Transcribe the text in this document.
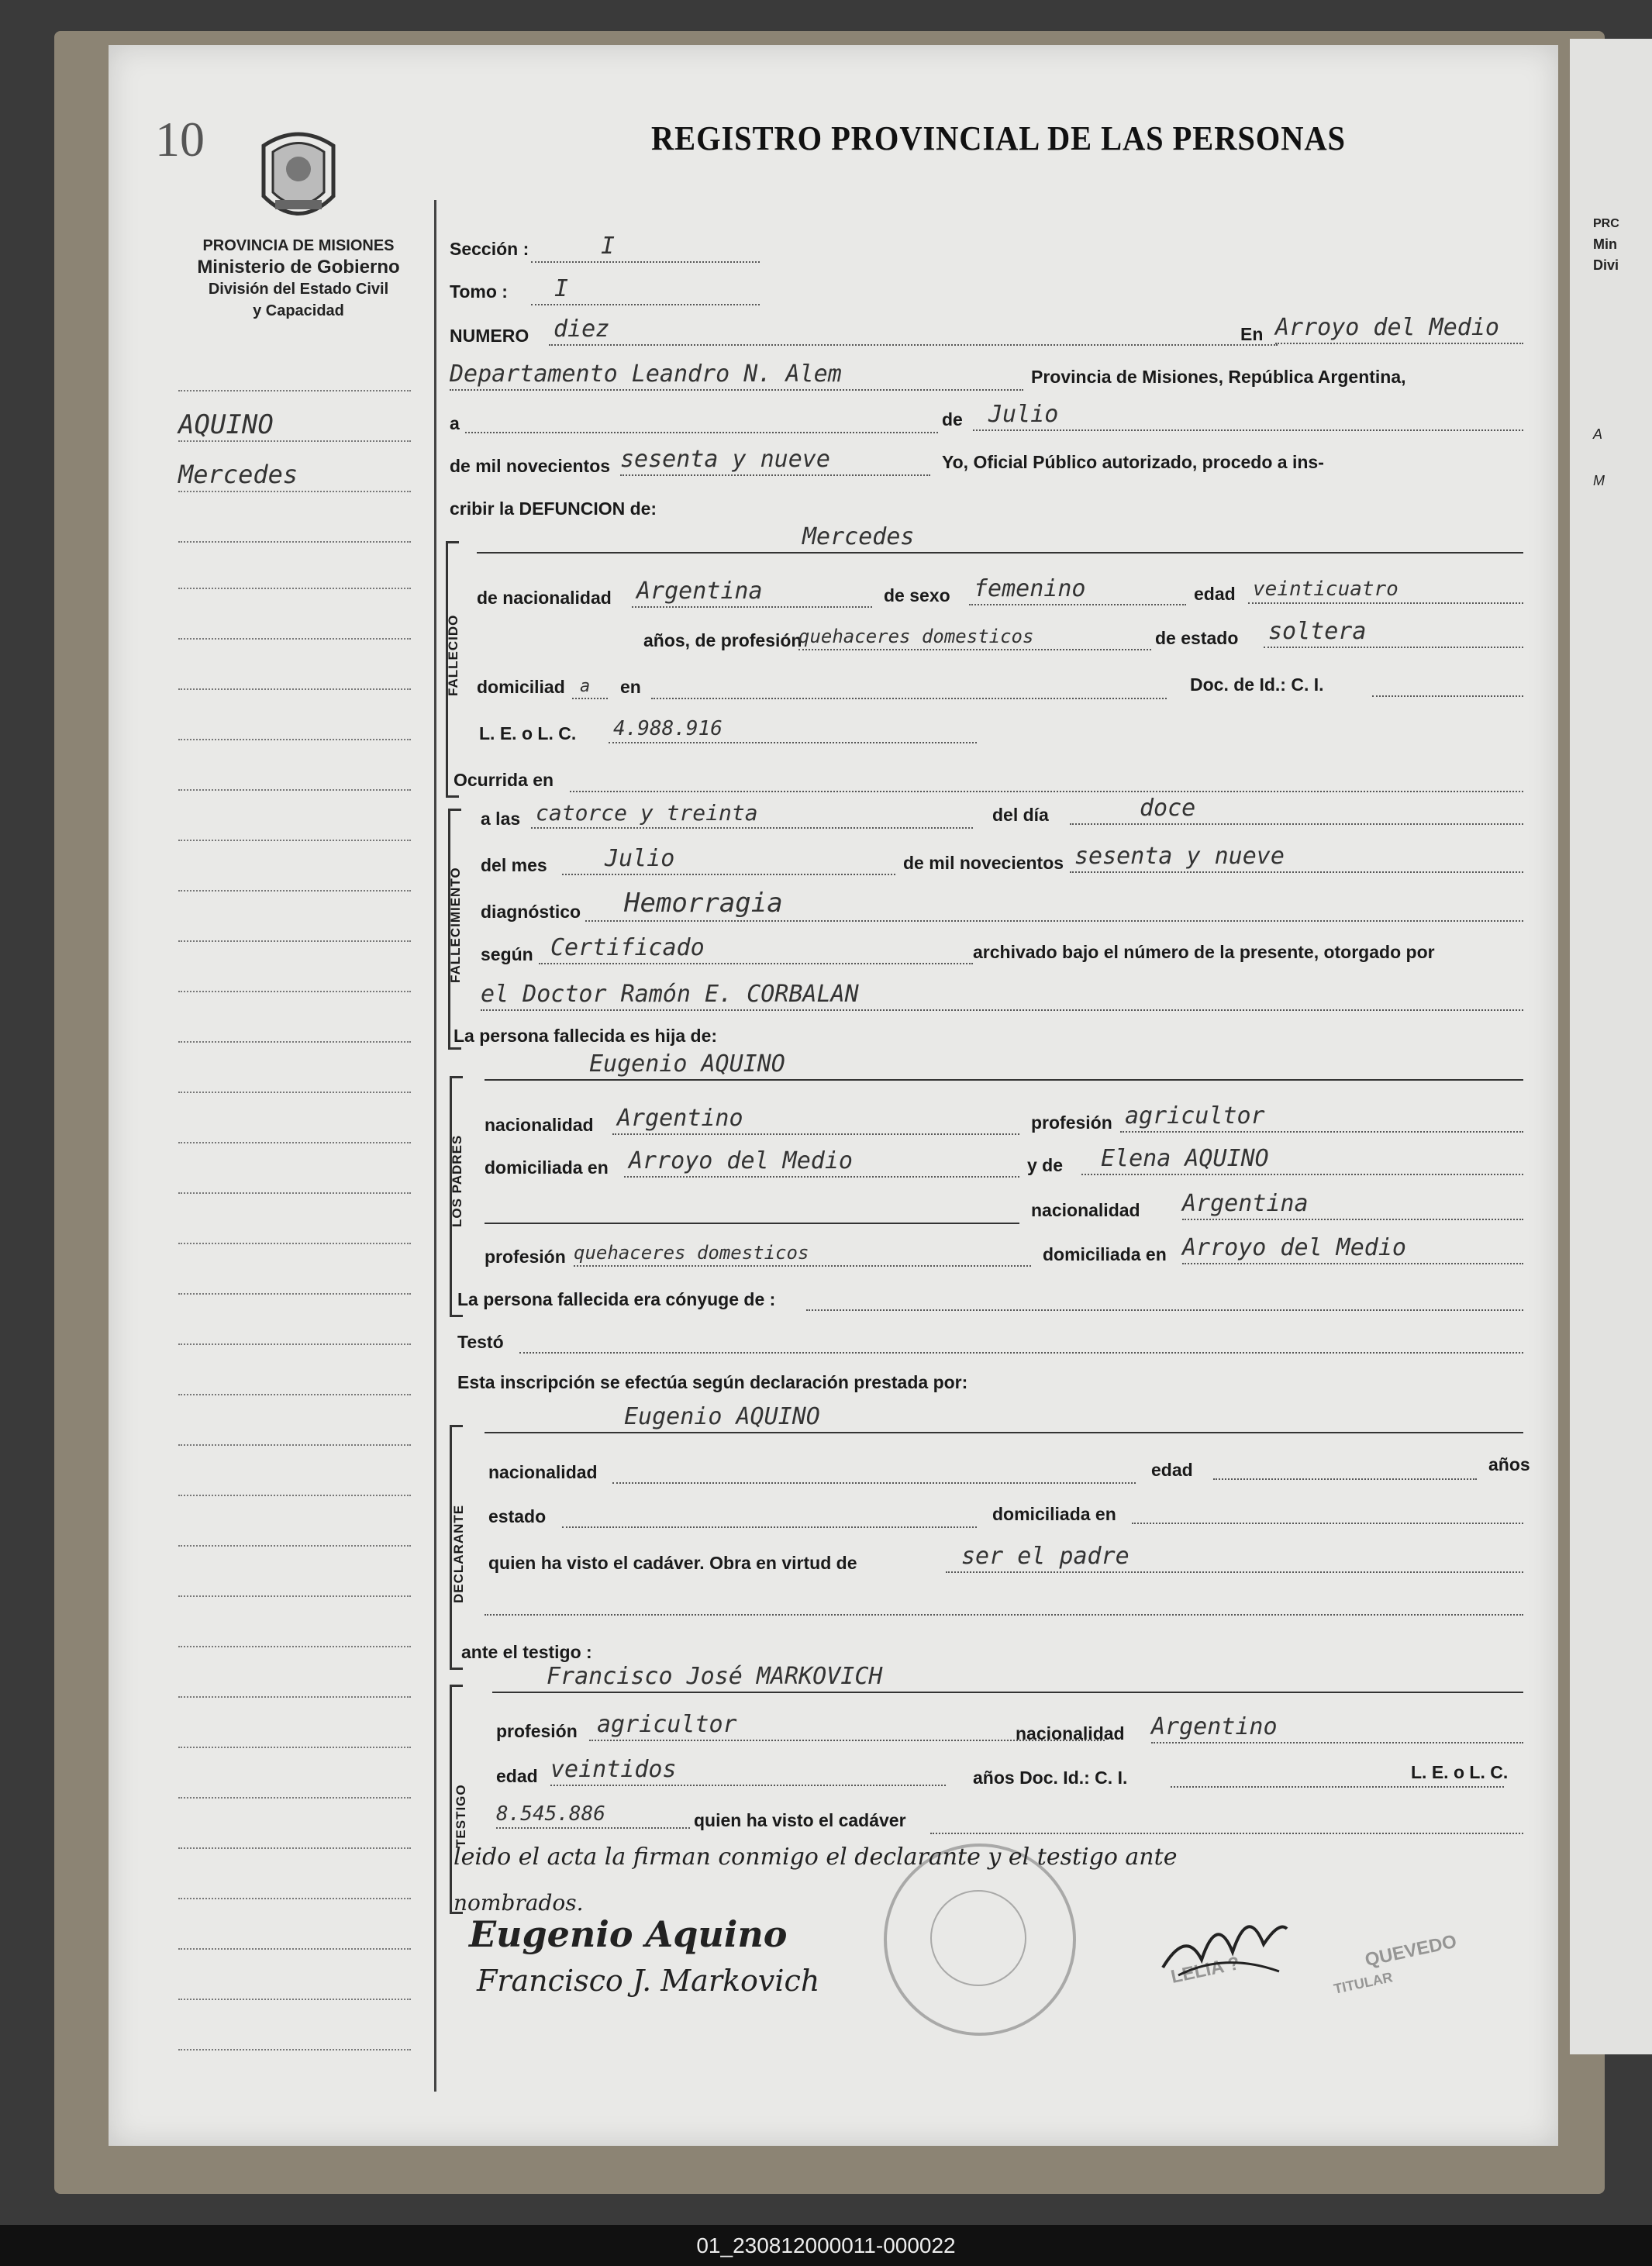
PRC
Min
Divi
A
M
10
PROVINCIA DE MISIONES
Ministerio de Gobierno
División del Estado Civil
y Capacidad
AQUINO
Mercedes
REGISTRO PROVINCIAL DE LAS PERSONAS
Sección :	I
Tomo : I
NUMERO diez	En Arroyo del Medio
Departamento Leandro N. Alem	Provincia de Misiones, República Argentina,
a	de Julio
de mil novecientos sesenta y nueve	Yo, Oficial Público autorizado, procedo a ins-
cribir la DEFUNCION de:
FALLECIDO
Mercedes
de nacionalidad Argentina	de sexo femenino	edad veinticuatro
años, de profesión
quehaceres domesticos	de estado soltera
domiciliad a en	Doc. de Id.: C. I.
L. E. o L. C. 4.988.916
Ocurrida en
FALLECIMIENTO
a las catorce y treinta	del día	doce
del mes Julio	de mil novecientos sesenta y nueve
diagnóstico Hemorragia
según Certificado	archivado bajo el número de la presente, otorgado por
el Doctor Ramón E. CORBALAN
La persona fallecida es hija de:
LOS PADRES
Eugenio AQUINO
nacionalidad Argentino	profesión agricultor
domiciliada en Arroyo del Medio	y de Elena AQUINO
nacionalidad Argentina
profesión quehaceres domesticos	domiciliada en Arroyo del Medio
La persona fallecida era cónyuge de :
Testó
Esta inscripción se efectúa según declaración prestada por:
DECLARANTE
Eugenio AQUINO
nacionalidad	edad	años
estado	domiciliada en
quien ha visto el cadáver. Obra en virtud de	ser el padre
ante el testigo :
TESTIGO
Francisco José MARKOVICH
profesión agricultor	nacionalidad Argentino
edad veintidos	años Doc. Id.: C. I.	L. E. o L. C.
8.545.886	quien ha visto el cadáver
LELIA ?	QUEVEDO
TITULAR
leido el acta la firman conmigo el declarante y el testigo ante
nombrados.
Eugenio Aquino
Francisco J. Markovich
01_230812000011-000022
